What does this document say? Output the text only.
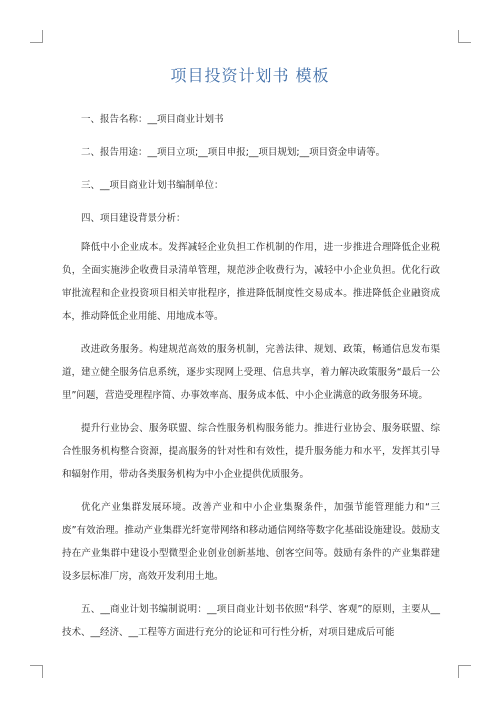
项目投资计划书 模板

一、报告名称：__项目商业计划书

二、报告用途：__项目立项;__项目申报;__项目规划;__项目资金申请等。

三、__项目商业计划书编制单位：

四、项目建设背景分析：

降低中小企业成本。发挥减轻企业负担工作机制的作用，进一步推进合理降低企业税负，全面实施涉企收费目录清单管理，规范涉企收费行为，减轻中小企业负担。优化行政审批流程和企业投资项目相关审批程序，推进降低制度性交易成本。推进降低企业融资成本，推动降低企业用能、用地成本等。

改进政务服务。构建规范高效的服务机制，完善法律、规划、政策，畅通信息发布渠道，建立健全服务信息系统，逐步实现网上受理、信息共享，着力解决政策服务“最后一公里”问题，营造受理程序简、办事效率高、服务成本低、中小企业满意的政务服务环境。

提升行业协会、服务联盟、综合性服务机构服务能力。推进行业协会、服务联盟、综合性服务机构整合资源，提高服务的针对性和有效性，提升服务能力和水平，发挥其引导和辐射作用，带动各类服务机构为中小企业提供优质服务。

优化产业集群发展环境。改善产业和中小企业集聚条件，加强节能管理能力和“三废”有效治理。推动产业集群光纤宽带网络和移动通信网络等数字化基础设施建设。鼓励支持在产业集群中建设小型微型企业创业创新基地、创客空间等。鼓励有条件的产业集群建设多层标准厂房，高效开发利用土地。

五、__商业计划书编制说明：__项目商业计划书依照“科学、客观”的原则，主要从__技术、__经济、__工程等方面进行充分的论证和可行性分析，对项目建成后可能
